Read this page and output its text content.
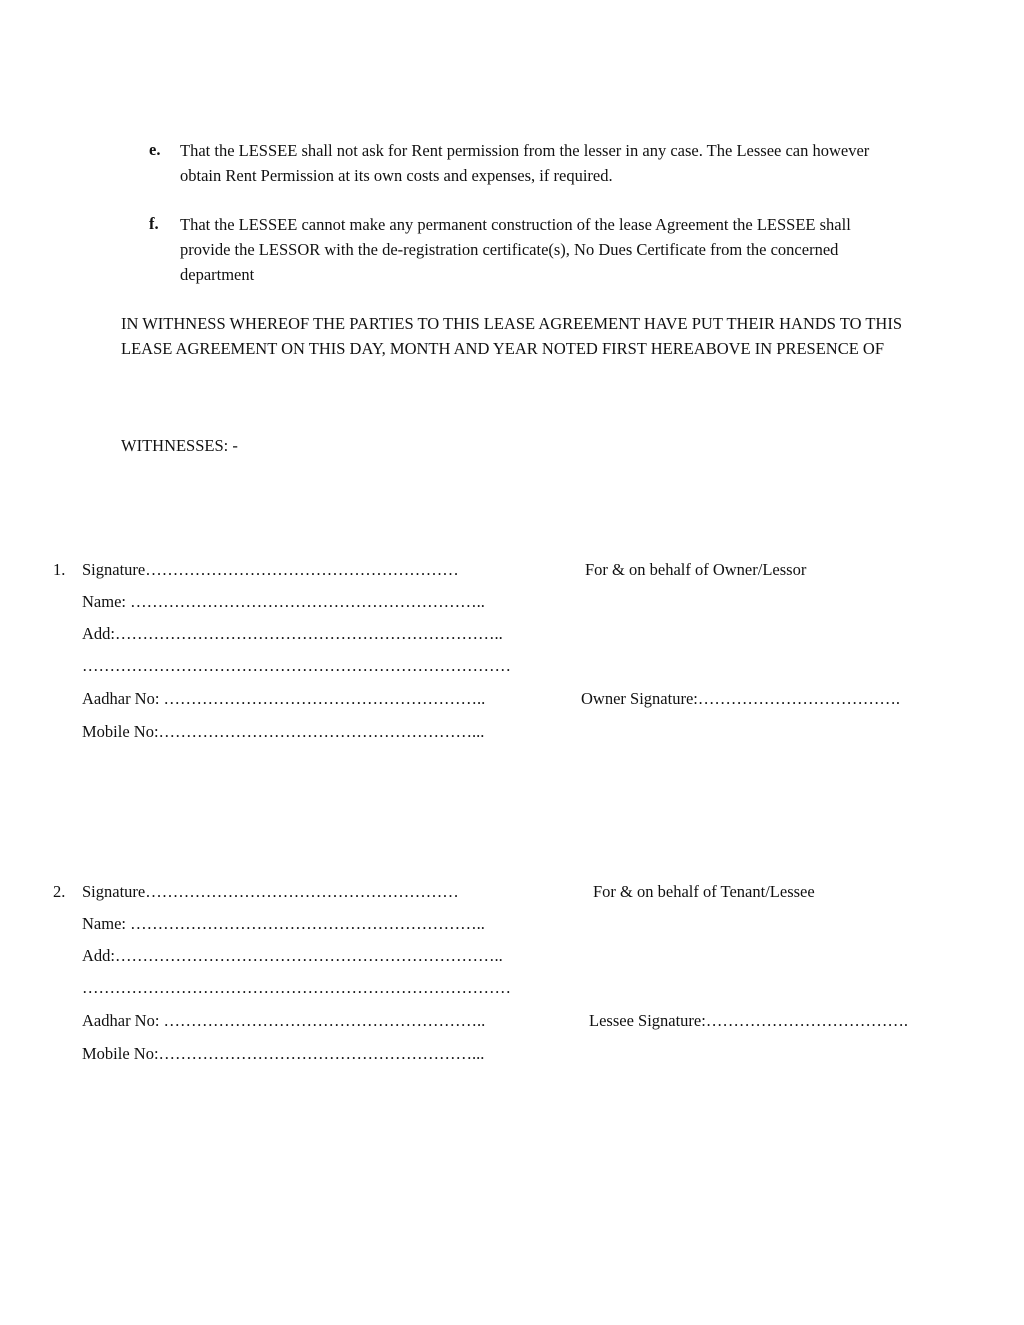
e. That the LESSEE shall not ask for Rent permission from the lesser in any case. The Lessee can however obtain Rent Permission at its own costs and expenses, if required.
f. That the LESSEE cannot make any permanent construction of the lease Agreement the LESSEE shall provide the LESSOR with the de-registration certificate(s), No Dues Certificate from the concerned department
IN WITHNESS WHEREOF THE PARTIES TO THIS LEASE AGREEMENT HAVE PUT THEIR HANDS TO THIS LEASE AGREEMENT ON THIS DAY, MONTH AND YEAR NOTED FIRST HEREABOVE IN PRESENCE OF
WITHNESSES: -
1. Signature…………………………………………………	For & on behalf of Owner/Lessor
Name: ………………………………………………………..
Add:……………………………………………………………..
……………………………………………………………………
Aadhar No: …………………………………………………..	Owner Signature:……………………………….
Mobile No:…………………………………………………...
2. Signature…………………………………………………	For & on behalf of Tenant/Lessee
Name: ………………………………………………………..
Add:……………………………………………………………..
……………………………………………………………………
Aadhar No: …………………………………………………..	Lessee Signature:……………………………….
Mobile No:…………………………………………………...
